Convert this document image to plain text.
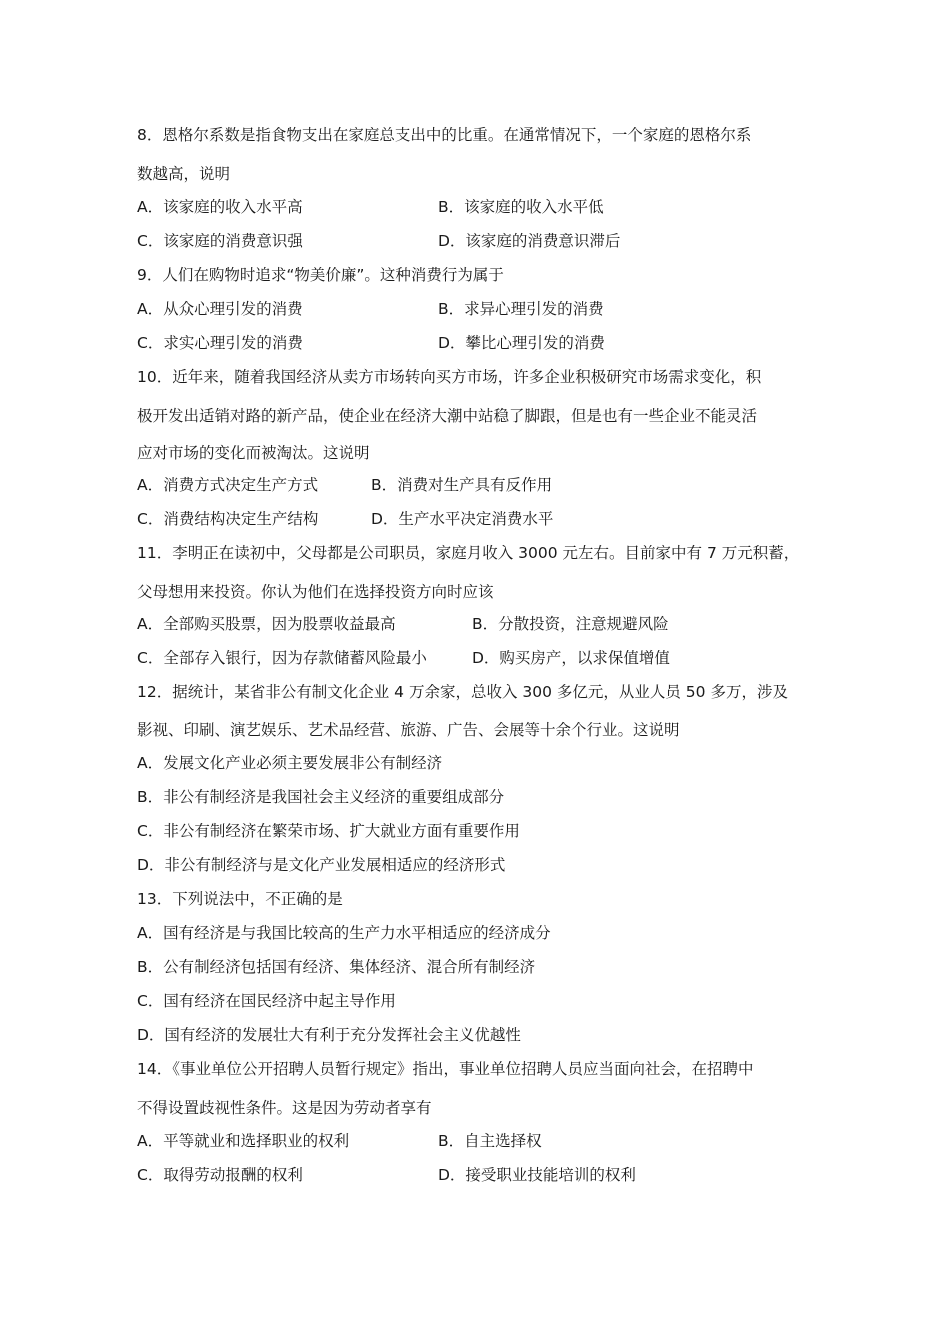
8．恩格尔系数是指食物支出在家庭总支出中的比重。在通常情况下，一个家庭的恩格尔系
数越高，说明
A．该家庭的收入水平高	B．该家庭的收入水平低
C．该家庭的消费意识强	D．该家庭的消费意识滞后
9．人们在购物时追求“物美价廉”。这种消费行为属于
A．从众心理引发的消费	B．求异心理引发的消费
C．求实心理引发的消费	D．攀比心理引发的消费
10．近年来，随着我国经济从卖方市场转向买方市场，许多企业积极研究市场需求变化，积
极开发出适销对路的新产品，使企业在经济大潮中站稳了脚跟，但是也有一些企业不能灵活
应对市场的变化而被淘汰。这说明
A．消费方式决定生产方式	B．消费对生产具有反作用
C．消费结构决定生产结构	D．生产水平决定消费水平
11．李明正在读初中，父母都是公司职员，家庭月收入 3000 元左右。目前家中有 7 万元积蓄，
父母想用来投资。你认为他们在选择投资方向时应该
A．全部购买股票，因为股票收益最高	B．分散投资，注意规避风险
C．全部存入银行，因为存款储蓄风险最小	D．购买房产，以求保值增值
12．据统计，某省非公有制文化企业 4 万余家，总收入 300 多亿元，从业人员 50 多万，涉及
影视、印刷、演艺娱乐、艺术品经营、旅游、广告、会展等十余个行业。这说明
A．发展文化产业必须主要发展非公有制经济
B．非公有制经济是我国社会主义经济的重要组成部分
C．非公有制经济在繁荣市场、扩大就业方面有重要作用
D．非公有制经济与是文化产业发展相适应的经济形式
13．下列说法中，不正确的是
A．国有经济是与我国比较高的生产力水平相适应的经济成分
B．公有制经济包括国有经济、集体经济、混合所有制经济
C．国有经济在国民经济中起主导作用
D．国有经济的发展壮大有利于充分发挥社会主义优越性
14．《事业单位公开招聘人员暂行规定》指出，事业单位招聘人员应当面向社会，在招聘中
不得设置歧视性条件。这是因为劳动者享有
A．平等就业和选择职业的权利	B．自主选择权
C．取得劳动报酬的权利	D．接受职业技能培训的权利
